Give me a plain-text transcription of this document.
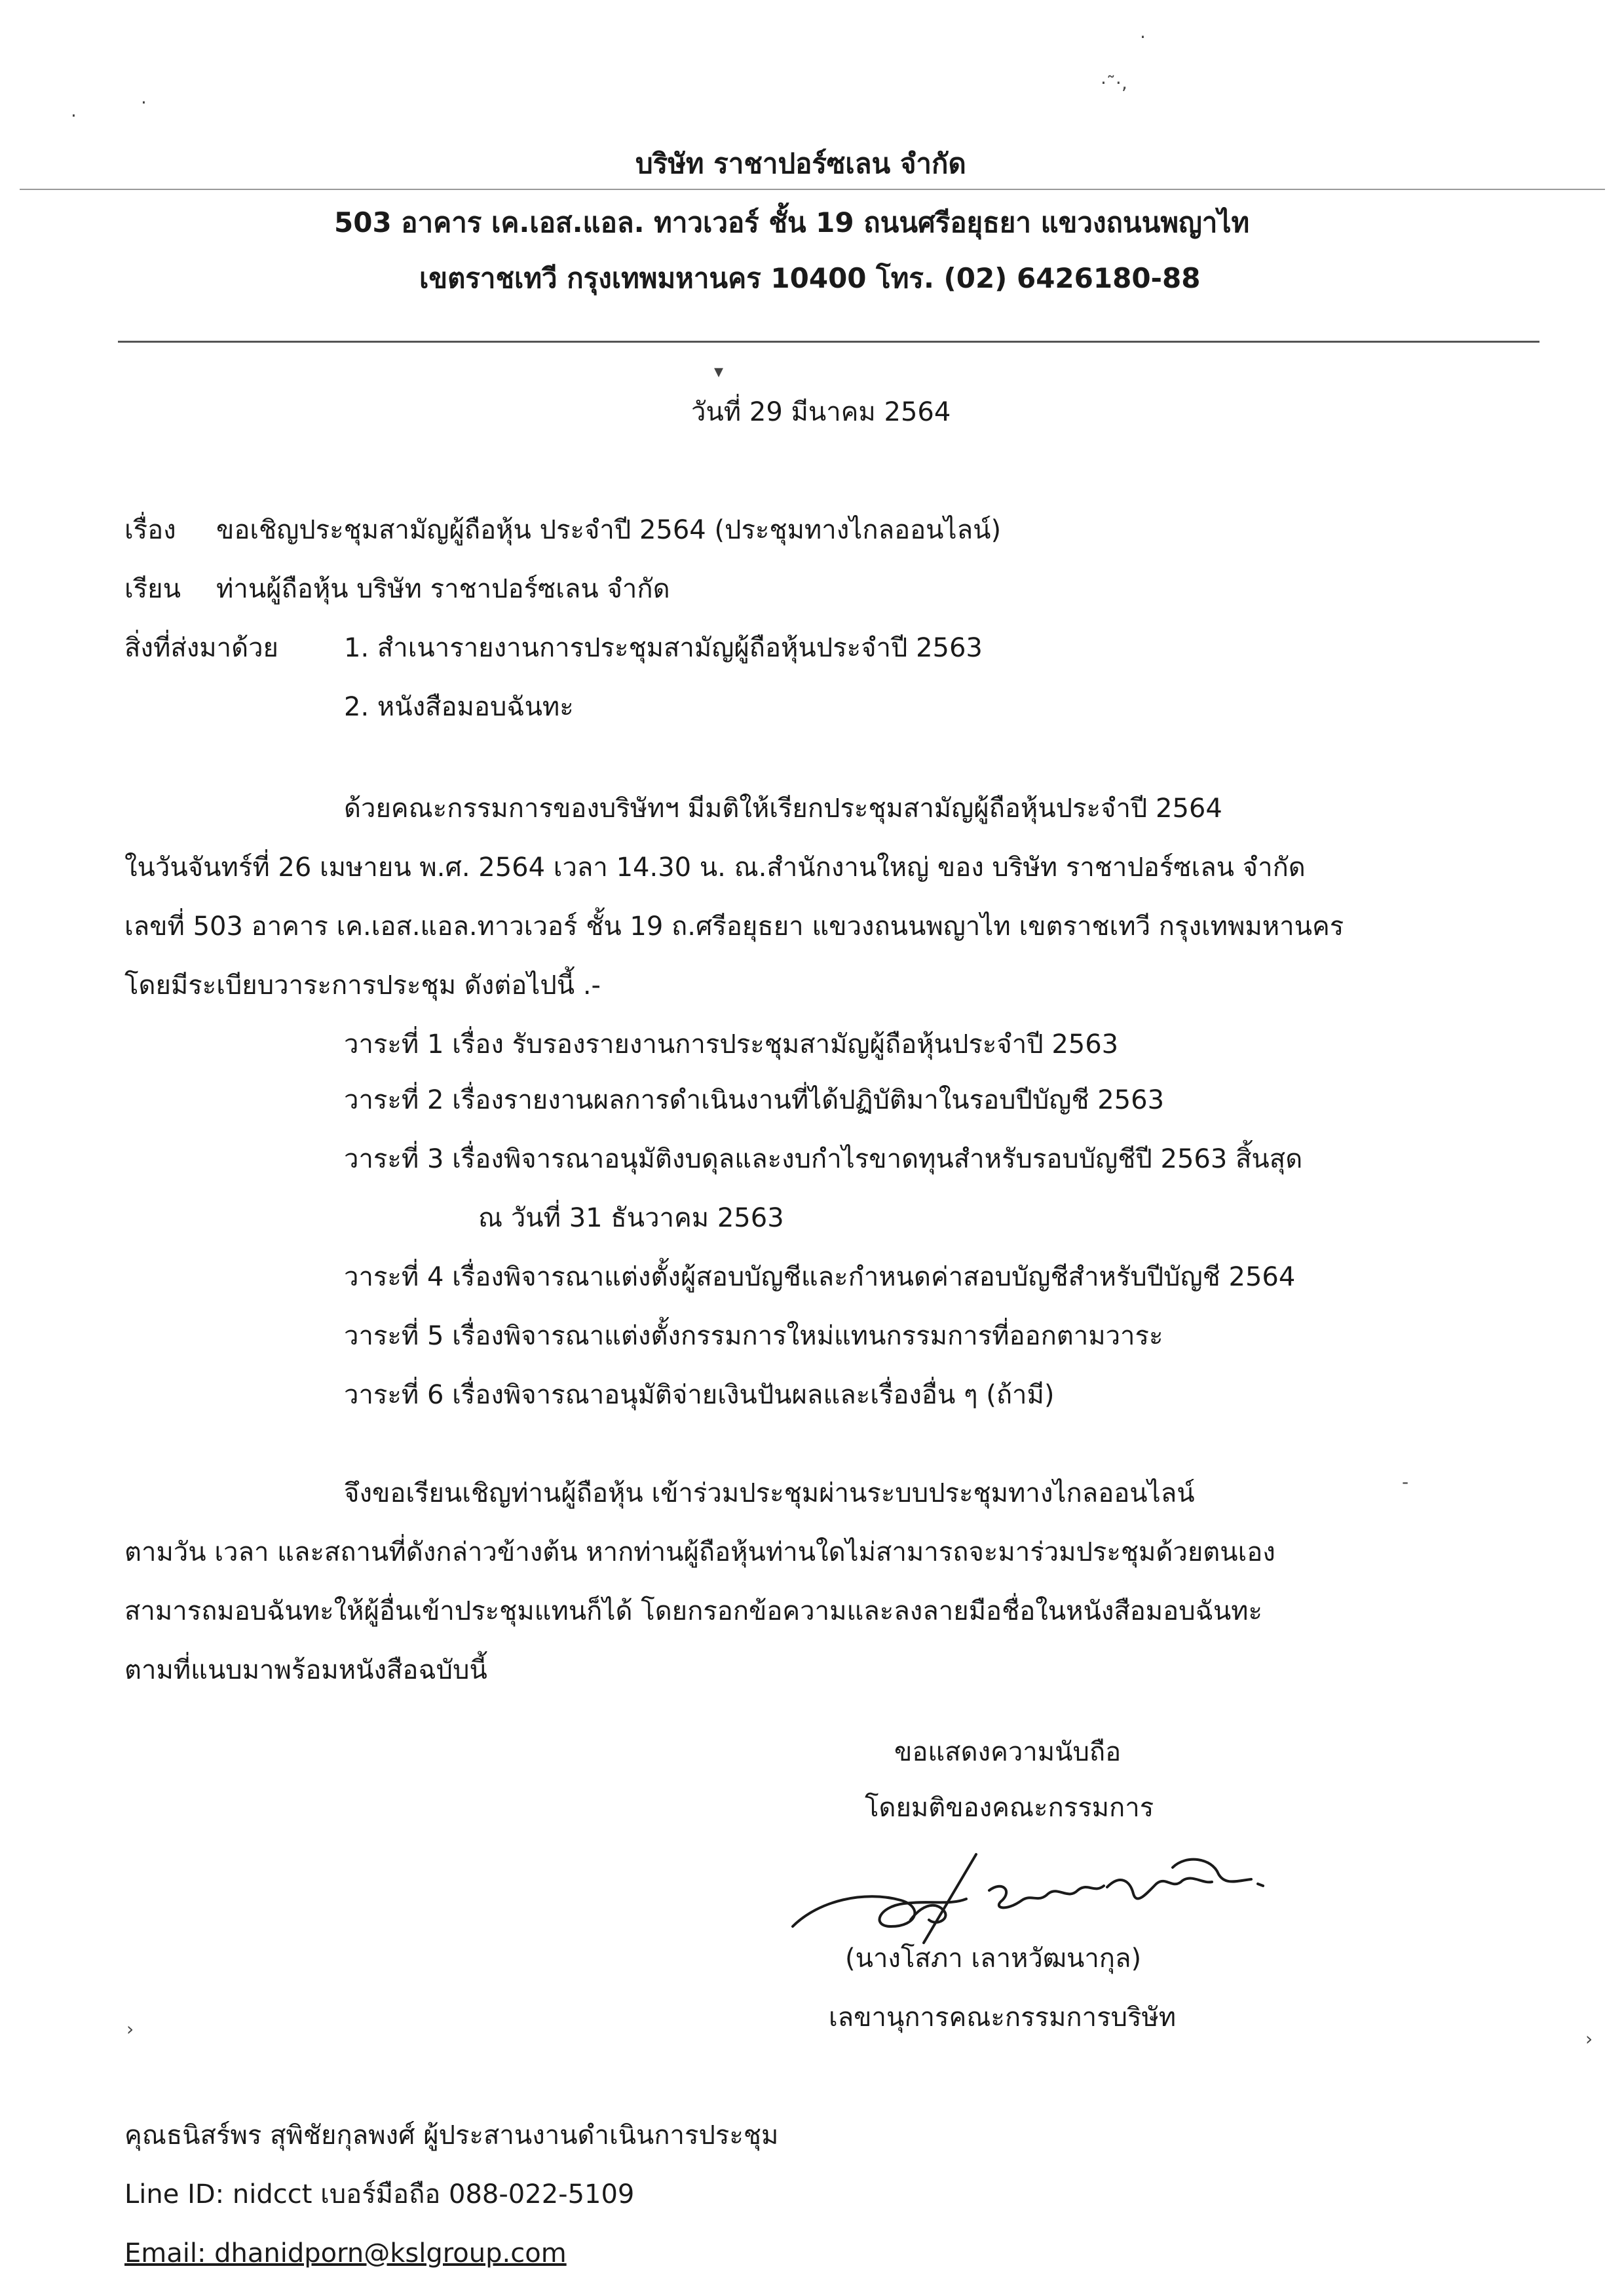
·
·˜·‚
·
·
-
›	›
บริษัท ราชาปอร์ซเลน จำกัด
503 อาคาร เค.เอส.แอล. ทาวเวอร์ ชั้น 19 ถนนศรีอยุธยา แขวงถนนพญาไท
เขตราชเทวี กรุงเทพมหานคร 10400 โทร. (02) 6426180-88
▾
วันที่ 29 มีนาคม 2564
เรื่อง ขอเชิญประชุมสามัญผู้ถือหุ้น ประจำปี 2564 (ประชุมทางไกลออนไลน์)
เรียน ท่านผู้ถือหุ้น บริษัท ราชาปอร์ซเลน จำกัด
สิ่งที่ส่งมาด้วย	1. สำเนารายงานการประชุมสามัญผู้ถือหุ้นประจำปี 2563
2. หนังสือมอบฉันทะ
ด้วยคณะกรรมการของบริษัทฯ มีมติให้เรียกประชุมสามัญผู้ถือหุ้นประจำปี 2564
ในวันจันทร์ที่ 26 เมษายน พ.ศ. 2564 เวลา 14.30 น. ณ.สำนักงานใหญ่ ของ บริษัท ราชาปอร์ซเลน จำกัด
เลขที่ 503 อาคาร เค.เอส.แอล.ทาวเวอร์ ชั้น 19 ถ.ศรีอยุธยา แขวงถนนพญาไท เขตราชเทวี กรุงเทพมหานคร
โดยมีระเบียบวาระการประชุม ดังต่อไปนี้ .-
วาระที่ 1 เรื่อง รับรองรายงานการประชุมสามัญผู้ถือหุ้นประจำปี 2563
วาระที่ 2 เรื่องรายงานผลการดำเนินงานที่ได้ปฏิบัติมาในรอบปีบัญชี 2563
วาระที่ 3 เรื่องพิจารณาอนุมัติงบดุลและงบกำไรขาดทุนสำหรับรอบบัญชีปี 2563 สิ้นสุด
ณ วันที่ 31 ธันวาคม 2563
วาระที่ 4 เรื่องพิจารณาแต่งตั้งผู้สอบบัญชีและกำหนดค่าสอบบัญชีสำหรับปีบัญชี 2564
วาระที่ 5 เรื่องพิจารณาแต่งตั้งกรรมการใหม่แทนกรรมการที่ออกตามวาระ
วาระที่ 6 เรื่องพิจารณาอนุมัติจ่ายเงินปันผลและเรื่องอื่น ๆ (ถ้ามี)
จึงขอเรียนเชิญท่านผู้ถือหุ้น เข้าร่วมประชุมผ่านระบบประชุมทางไกลออนไลน์
ตามวัน เวลา และสถานที่ดังกล่าวข้างต้น หากท่านผู้ถือหุ้นท่านใดไม่สามารถจะมาร่วมประชุมด้วยตนเอง
สามารถมอบฉันทะให้ผู้อื่นเข้าประชุมแทนก็ได้ โดยกรอกข้อความและลงลายมือชื่อในหนังสือมอบฉันทะ
ตามที่แนบมาพร้อมหนังสือฉบับนี้
ขอแสดงความนับถือ
โดยมติของคณะกรรมการ
(นางโสภา เลาหวัฒนากุล)
เลขานุการคณะกรรมการบริษัท
คุณธนิสร์พร สุพิชัยกุลพงศ์ ผู้ประสานงานดำเนินการประชุม
Line ID: nidcct เบอร์มือถือ 088-022-5109
Email: dhanidporn@kslgroup.com
